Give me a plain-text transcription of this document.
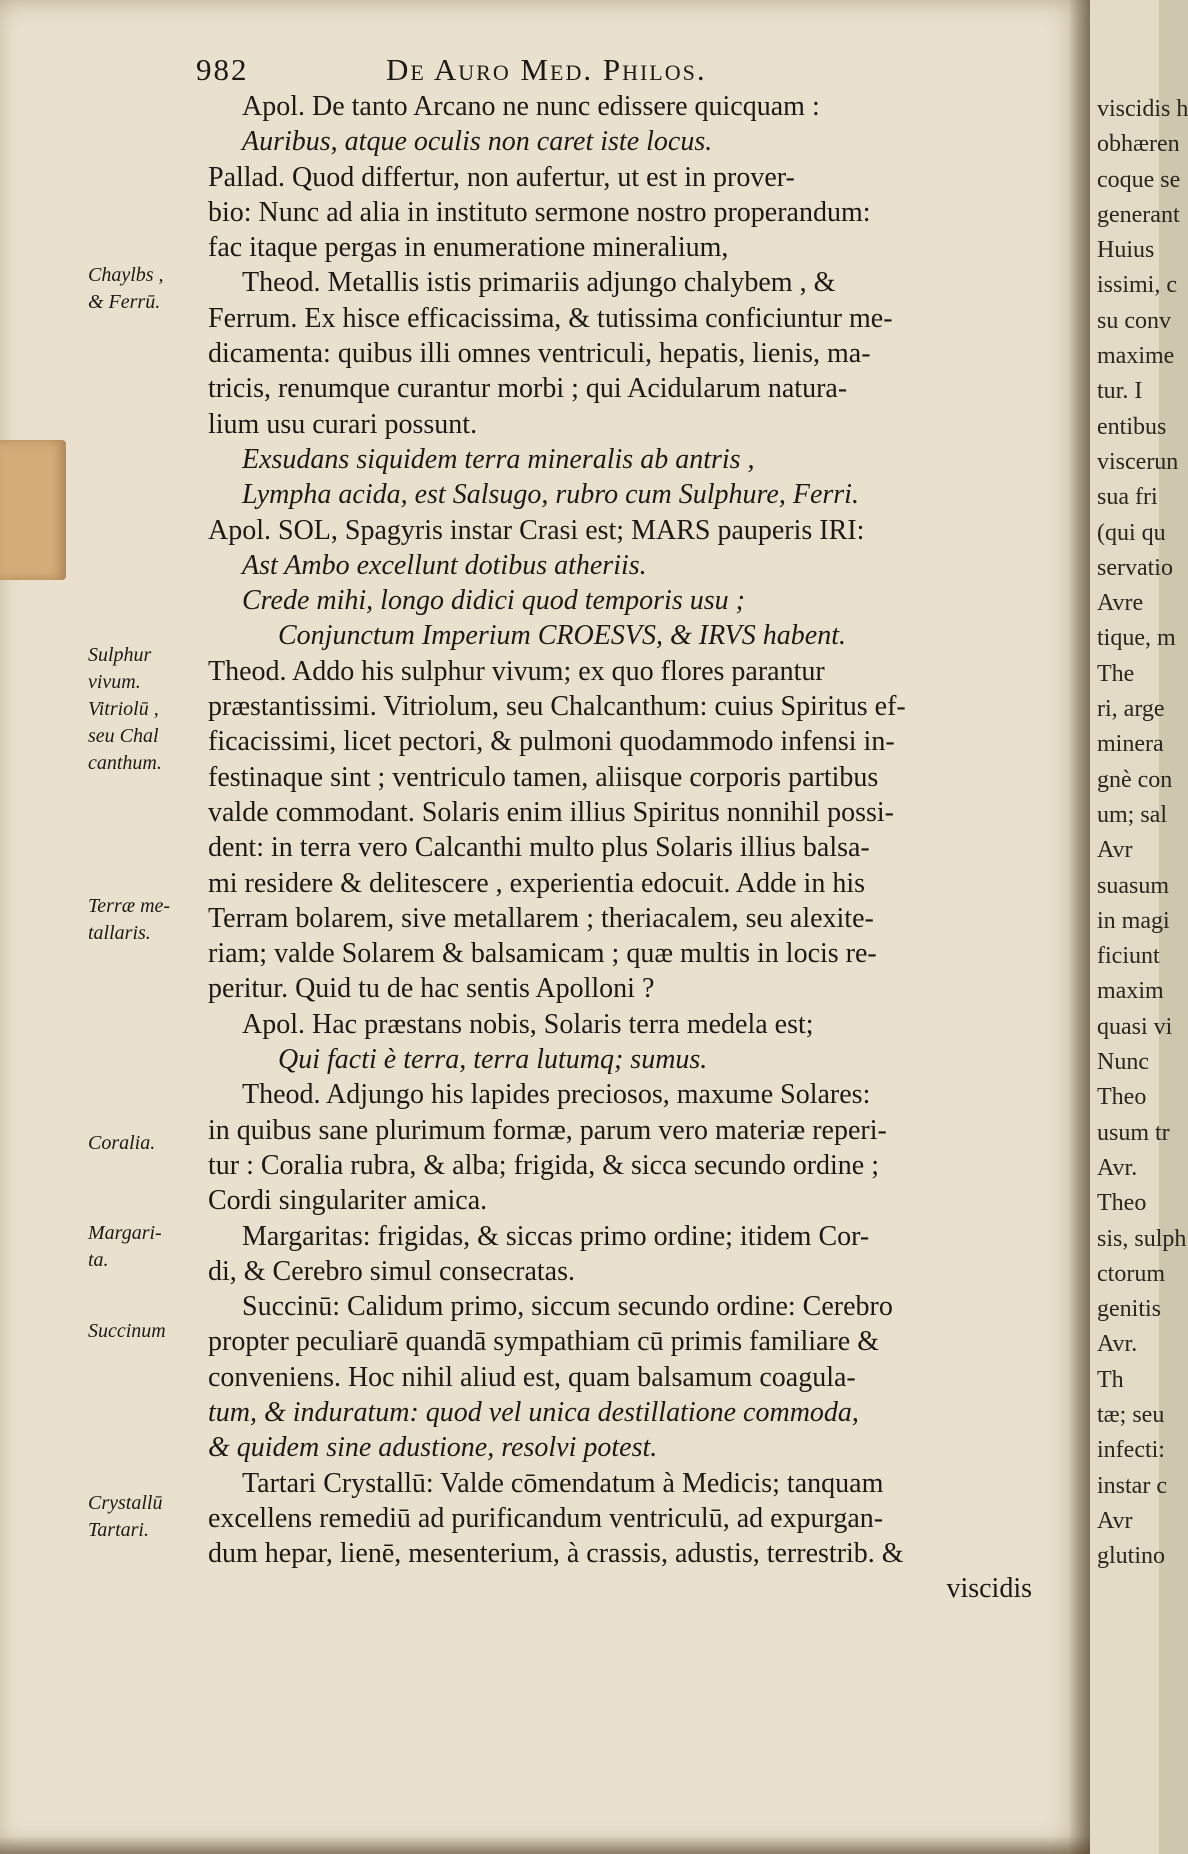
982	De Auro Med. Philos.
Apol. De tanto Arcano ne nunc edissere quicquam :
Auribus, atque oculis non caret iste locus.
Pallad. Quod differtur, non aufertur, ut est in prover-
bio: Nunc ad alia in instituto sermone nostro properandum:
fac itaque pergas in enumeratione mineralium,
Theod. Metallis istis primariis adjungo chalybem , &
Ferrum. Ex hisce efficacissima, & tutissima conficiuntur me-
dicamenta: quibus illi omnes ventriculi, hepatis, lienis, ma-
tricis, renumque curantur morbi ; qui Acidularum natura-
lium usu curari possunt.
Exsudans siquidem terra mineralis ab antris ,
Lympha acida, est Salsugo, rubro cum Sulphure, Ferri.
Apol. SOL, Spagyris instar Crasi est; MARS pauperis IRI:
Ast Ambo excellunt dotibus atheriis.
Crede mihi, longo didici quod temporis usu ;
Conjunctum Imperium CROESVS, & IRVS habent.
Theod. Addo his sulphur vivum; ex quo flores parantur
præstantissimi. Vitriolum, seu Chalcanthum: cuius Spiritus ef-
ficacissimi, licet pectori, & pulmoni quodammodo infensi in-
festinaque sint ; ventriculo tamen, aliisque corporis partibus
valde commodant. Solaris enim illius Spiritus nonnihil possi-
dent: in terra vero Calcanthi multo plus Solaris illius balsa-
mi residere & delitescere , experientia edocuit. Adde in his
Terram bolarem, sive metallarem ; theriacalem, seu alexite-
riam; valde Solarem & balsamicam ; quæ multis in locis re-
peritur. Quid tu de hac sentis Apolloni ?
Apol. Hac præstans nobis, Solaris terra medela est;
Qui facti è terra, terra lutumq; sumus.
Theod. Adjungo his lapides preciosos, maxume Solares:
in quibus sane plurimum formæ, parum vero materiæ reperi-
tur : Coralia rubra, & alba; frigida, & sicca secundo ordine ;
Cordi singulariter amica.
Margaritas: frigidas, & siccas primo ordine; itidem Cor-
di, & Cerebro simul consecratas.
Succinū: Calidum primo, siccum secundo ordine: Cerebro
propter peculiarē quandā sympathiam cū primis familiare &
conveniens. Hoc nihil aliud est, quam balsamum coagula-
tum, & induratum: quod vel unica destillatione commoda,
& quidem sine adustione, resolvi potest.
Tartari Crystallū: Valde cōmendatum à Medicis; tanquam
excellens remediū ad purificandum ventriculū, ad expurgan-
dum hepar, lienē, mesenterium, à crassis, adustis, terrestrib. &
viscidis
Chaylbs ,
& Ferrū.
Sulphur
vivum.
Vitriolū ,
seu Chal
canthum.
Terræ me-
tallaris.
Coralia.
Margari-
ta.
Succinum
Crystallū
Tartari.
viscidis h
obhæren
coque se
generant
Huius
issimi, c
su conv
maxime
tur. I
entibus
viscerun
sua fri
(qui qu
servatio
Avre
tique, m
The
ri, arge
minera
gnè con
um; sal
Avr
suasum
in magi
ficiunt
maxim
quasi vi
Nunc
Theo
usum tr
Avr.
Theo
sis, sulph
ctorum
genitis
Avr.
Th
tæ; seu
infecti:
instar c
Avr
glutino
